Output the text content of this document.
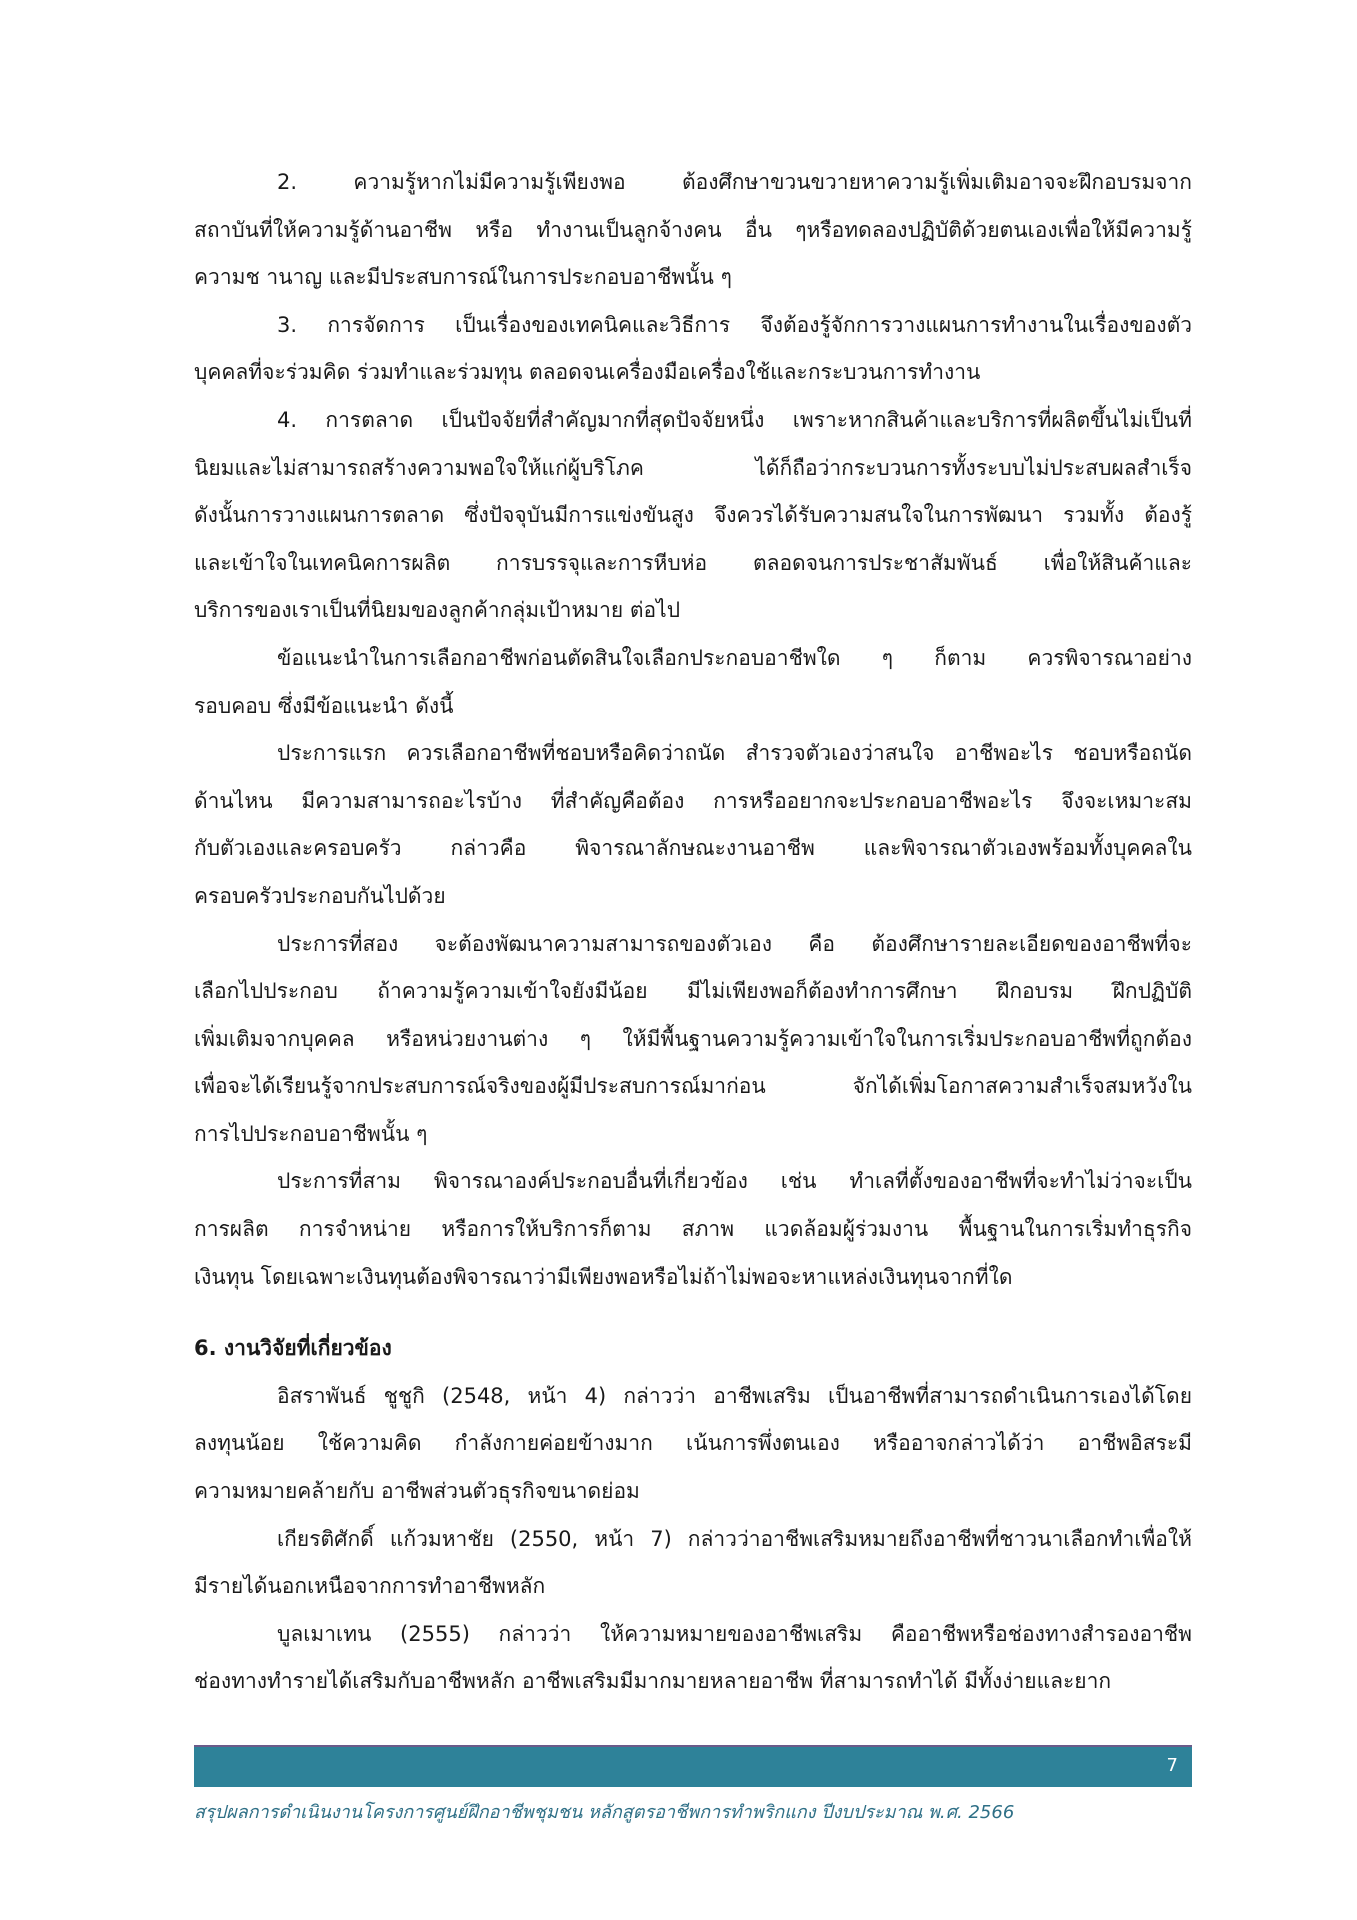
2. ความรู้หากไม่มีความรู้เพียงพอ ต้องศึกษาขวนขวายหาความรู้เพิ่มเติมอาจจะฝึกอบรมจาก
สถาบันที่ให้ความรู้ด้านอาชีพ หรือ ทำงานเป็นลูกจ้างคน อื่น ๆหรือทดลองปฏิบัติด้วยตนเองเพื่อให้มีความรู้
ความช านาญ และมีประสบการณ์ในการประกอบอาชีพนั้น ๆ
3. การจัดการ เป็นเรื่องของเทคนิคและวิธีการ จึงต้องรู้จักการวางแผนการทำงานในเรื่องของตัว
บุคคลที่จะร่วมคิด ร่วมทำและร่วมทุน ตลอดจนเครื่องมือเครื่องใช้และกระบวนการทำงาน
4. การตลาด เป็นปัจจัยที่สำคัญมากที่สุดปัจจัยหนึ่ง เพราะหากสินค้าและบริการที่ผลิตขึ้นไม่เป็นที่
นิยมและไม่สามารถสร้างความพอใจให้แก่ผู้บริโภค ได้ก็ถือว่ากระบวนการทั้งระบบไม่ประสบผลสำเร็จ
ดังนั้นการวางแผนการตลาด ซึ่งปัจจุบันมีการแข่งขันสูง จึงควรได้รับความสนใจในการพัฒนา รวมทั้ง ต้องรู้
และเข้าใจในเทคนิคการผลิต การบรรจุและการหีบห่อ ตลอดจนการประชาสัมพันธ์ เพื่อให้สินค้าและ
บริการของเราเป็นที่นิยมของลูกค้ากลุ่มเป้าหมาย ต่อไป
ข้อแนะนำในการเลือกอาชีพก่อนตัดสินใจเลือกประกอบอาชีพใด ๆ ก็ตาม ควรพิจารณาอย่าง
รอบคอบ ซึ่งมีข้อแนะนำ ดังนี้
ประการแรก ควรเลือกอาชีพที่ชอบหรือคิดว่าถนัด สำรวจตัวเองว่าสนใจ อาชีพอะไร ชอบหรือถนัด
ด้านไหน มีความสามารถอะไรบ้าง ที่สำคัญคือต้อง การหรืออยากจะประกอบอาชีพอะไร จึงจะเหมาะสม
กับตัวเองและครอบครัว กล่าวคือ พิจารณาลักษณะงานอาชีพ และพิจารณาตัวเองพร้อมทั้งบุคคลใน
ครอบครัวประกอบกันไปด้วย
ประการที่สอง จะต้องพัฒนาความสามารถของตัวเอง คือ ต้องศึกษารายละเอียดของอาชีพที่จะ
เลือกไปประกอบ ถ้าความรู้ความเข้าใจยังมีน้อย มีไม่เพียงพอก็ต้องทำการศึกษา ฝึกอบรม ฝึกปฏิบัติ
เพิ่มเติมจากบุคคล หรือหน่วยงานต่าง ๆ ให้มีพื้นฐานความรู้ความเข้าใจในการเริ่มประกอบอาชีพที่ถูกต้อง
เพื่อจะได้เรียนรู้จากประสบการณ์จริงของผู้มีประสบการณ์มาก่อน จักได้เพิ่มโอกาสความสำเร็จสมหวังใน
การไปประกอบอาชีพนั้น ๆ
ประการที่สาม พิจารณาองค์ประกอบอื่นที่เกี่ยวข้อง เช่น ทำเลที่ตั้งของอาชีพที่จะทำไม่ว่าจะเป็น
การผลิต การจำหน่าย หรือการให้บริการก็ตาม สภาพ แวดล้อมผู้ร่วมงาน พื้นฐานในการเริ่มทำธุรกิจ
เงินทุน โดยเฉพาะเงินทุนต้องพิจารณาว่ามีเพียงพอหรือไม่ถ้าไม่พอจะหาแหล่งเงินทุนจากที่ใด
6. งานวิจัยที่เกี่ยวข้อง
อิสราพันธ์ ชูชูกิ (2548, หน้า 4) กล่าวว่า อาชีพเสริม เป็นอาชีพที่สามารถดำเนินการเองได้โดย
ลงทุนน้อย ใช้ความคิด กำลังกายค่อยข้างมาก เน้นการพึ่งตนเอง หรืออาจกล่าวได้ว่า อาชีพอิสระมี
ความหมายคล้ายกับ อาชีพส่วนตัวธุรกิจขนาดย่อม
เกียรติศักดิ์ แก้วมหาชัย (2550, หน้า 7) กล่าวว่าอาชีพเสริมหมายถึงอาชีพที่ชาวนาเลือกทำเพื่อให้
มีรายได้นอกเหนือจากการทำอาชีพหลัก
บูลเมาเทน (2555) กล่าวว่า ให้ความหมายของอาชีพเสริม คืออาชีพหรือช่องทางสำรองอาชีพ
ช่องทางทำรายได้เสริมกับอาชีพหลัก อาชีพเสริมมีมากมายหลายอาชีพ ที่สามารถทำได้ มีทั้งง่ายและยาก
7
สรุปผลการดำเนินงานโครงการศูนย์ฝึกอาชีพชุมชน หลักสูตรอาชีพการทำพริกแกง ปีงบประมาณ พ.ศ. 2566
